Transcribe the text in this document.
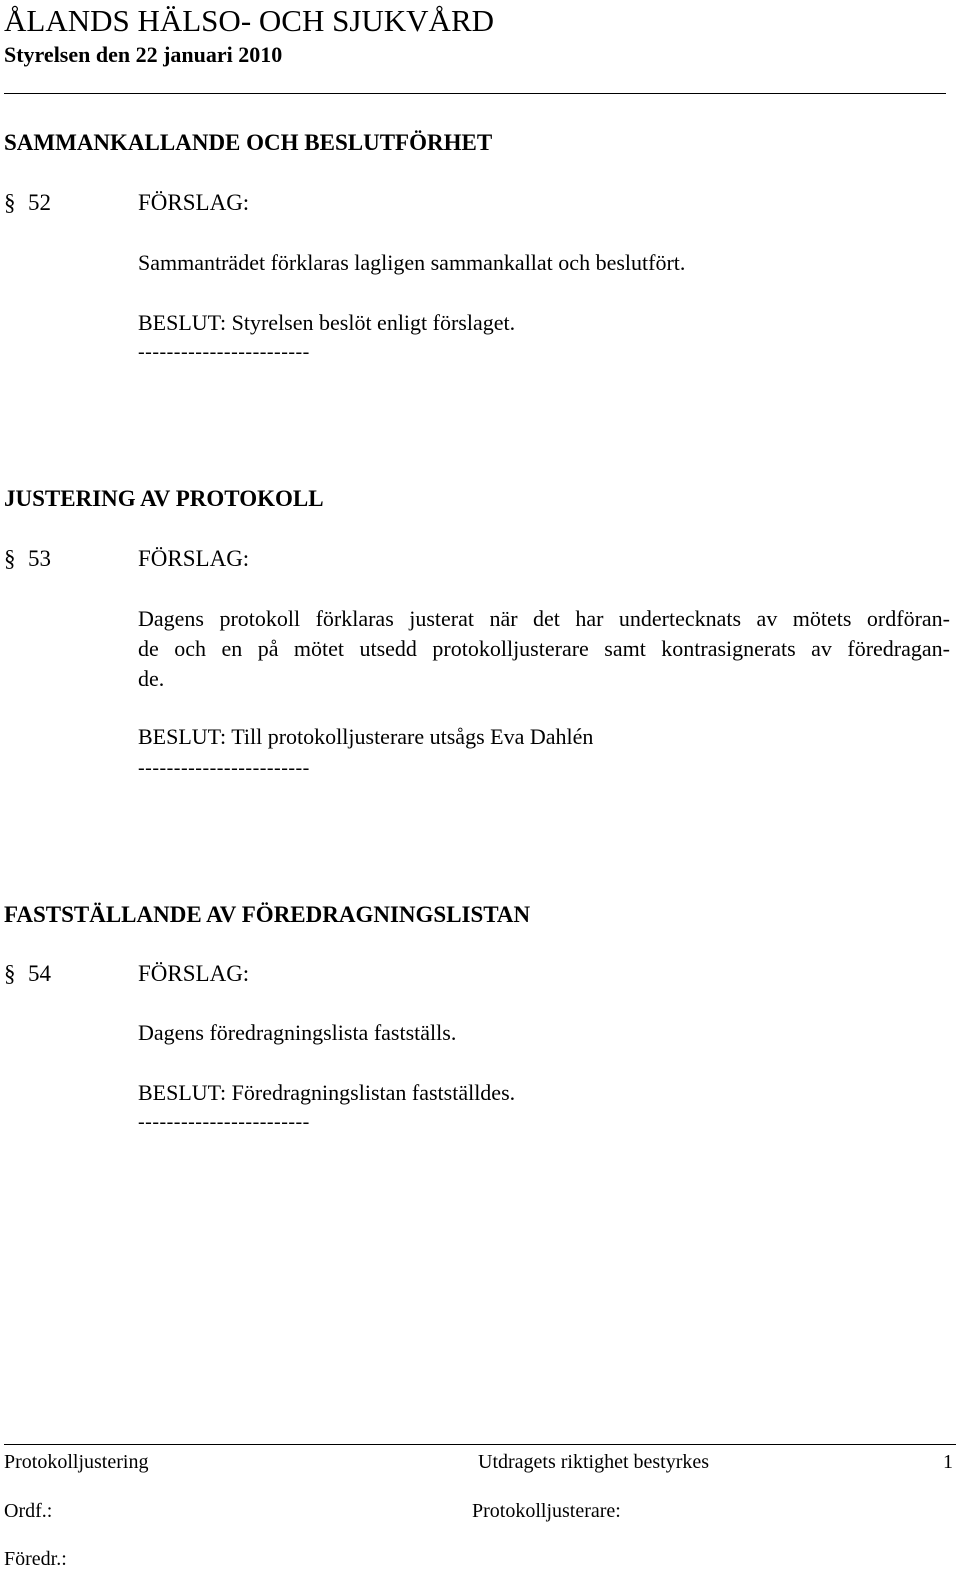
ÅLANDS HÄLSO- OCH SJUKVÅRD
Styrelsen den 22 januari 2010
SAMMANKALLANDE OCH BESLUTFÖRHET
§ 52	FÖRSLAG:
Sammanträdet förklaras lagligen sammankallat och beslutfört.
BESLUT: Styrelsen beslöt enligt förslaget.
------------------------
JUSTERING AV PROTOKOLL
§ 53	FÖRSLAG:
Dagens protokoll förklaras justerat när det har undertecknats av mötets ordföran-
de och en på mötet utsedd protokolljusterare samt kontrasignerats av föredragan-
de.
BESLUT: Till protokolljusterare utsågs Eva Dahlén
------------------------
FASTSTÄLLANDE AV FÖREDRAGNINGSLISTAN
§ 54	FÖRSLAG:
Dagens föredragningslista fastställs.
BESLUT: Föredragningslistan fastställdes.
------------------------
Protokolljustering	Utdragets riktighet bestyrkes	1
Ordf.:	Protokolljusterare:
Föredr.:
